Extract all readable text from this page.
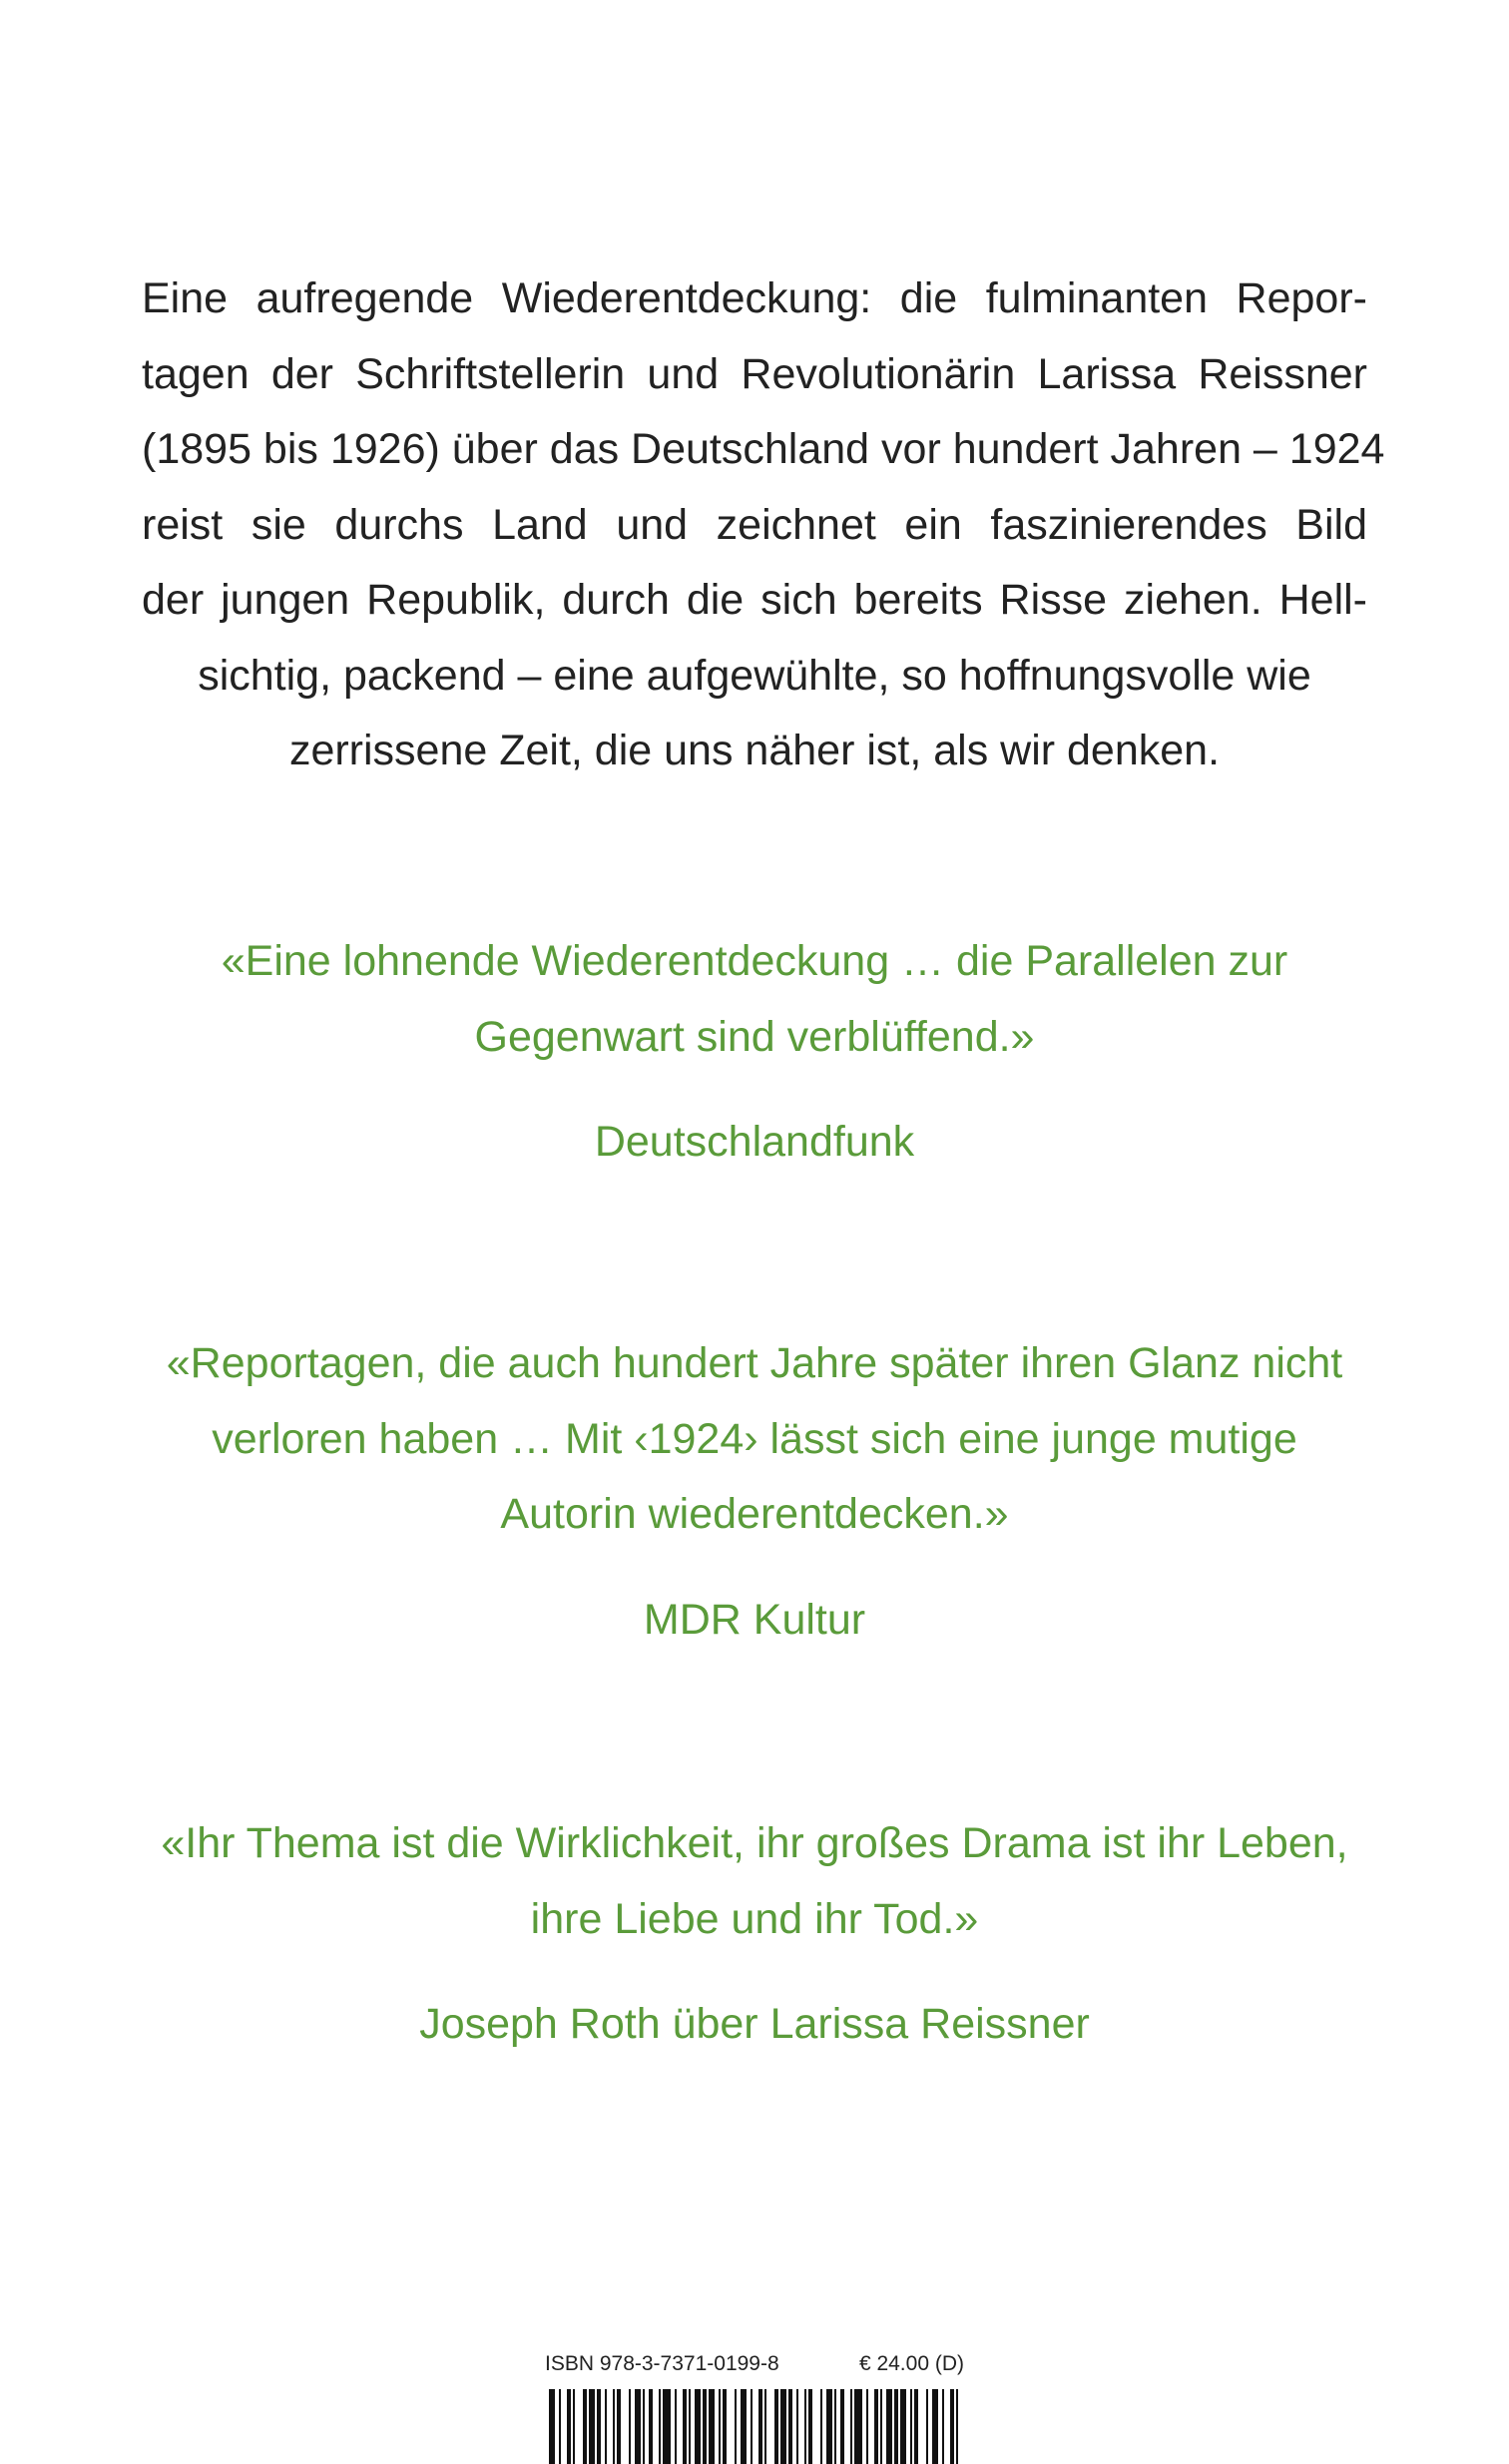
Eine aufregende Wiederentdeckung: die fulminanten Repor-
tagen der Schriftstellerin und Revolutionärin Larissa Reissner
(1895 bis 1926) über das Deutschland vor hundert Jahren – 1924
reist sie durchs Land und zeichnet ein faszinierendes Bild
der jungen Republik, durch die sich bereits Risse ziehen. Hell-
sichtig, packend – eine aufgewühlte, so hoffnungsvolle wie
zerrissene Zeit, die uns näher ist, als wir denken.
«Eine lohnende Wiederentdeckung … die Parallelen zur
Gegenwart sind verblüffend.»
Deutschlandfunk
«Reportagen, die auch hundert Jahre später ihren Glanz nicht
verloren haben … Mit ‹1924› lässt sich eine junge mutige
Autorin wiederentdecken.»
MDR Kultur
«Ihr Thema ist die Wirklichkeit, ihr großes Drama ist ihr Leben,
ihre Liebe und ihr Tod.»
Joseph Roth über Larissa Reissner
ISBN 978-3-7371-0199-8	€ 24.00 (D)
